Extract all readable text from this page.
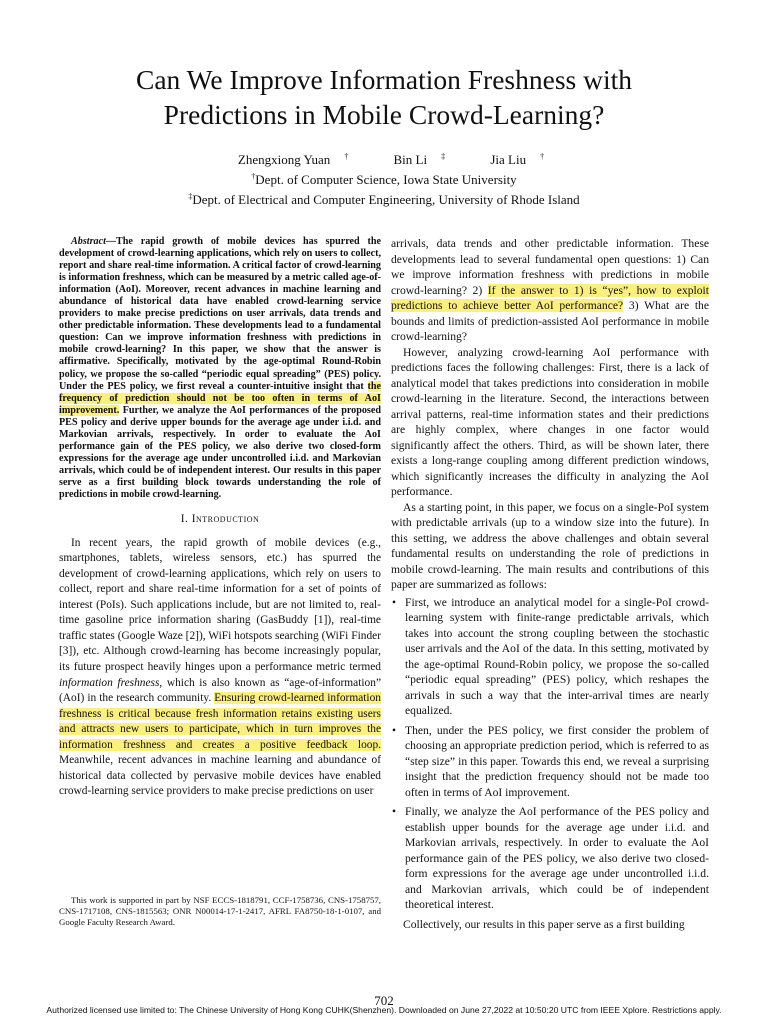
Can We Improve Information Freshness with
Predictions in Mobile Crowd-Learning?
Zhengxiong Yuan †	Bin Li ‡	Jia Liu †
†Dept. of Computer Science, Iowa State University
‡Dept. of Electrical and Computer Engineering, University of Rhode Island

Abstract—The rapid growth of mobile devices has spurred the development of crowd-learning applications, which rely on users to collect, report and share real-time information. A critical factor of crowd-learning is information freshness, which can be measured by a metric called age-of-information (AoI). Moreover, recent advances in machine learning and abundance of historical data have enabled crowd-learning service providers to make precise predictions on user arrivals, data trends and other predictable information. These developments lead to a fundamental question: Can we improve information freshness with predictions in mobile crowd-learning? In this paper, we show that the answer is affirmative. Specifically, motivated by the age-optimal Round-Robin policy, we propose the so-called “periodic equal spreading” (PES) policy. Under the PES policy, we first reveal a counter-intuitive insight that the frequency of prediction should not be too often in terms of AoI improvement. Further, we analyze the AoI performances of the proposed PES policy and derive upper bounds for the average age under i.i.d. and Markovian arrivals, respectively. In order to evaluate the AoI performance gain of the PES policy, we also derive two closed-form expressions for the average age under uncontrolled i.i.d. and Markovian arrivals, which could be of independent interest. Our results in this paper serve as a first building block towards understanding the role of predictions in mobile crowd-learning.

I. Introduction

In recent years, the rapid growth of mobile devices (e.g., smartphones, tablets, wireless sensors, etc.) has spurred the development of crowd-learning applications, which rely on users to collect, report and share real-time information for a set of points of interest (PoIs). Such applications include, but are not limited to, real-time gasoline price information sharing (GasBuddy [1]), real-time traffic states (Google Waze [2]), WiFi hotspots searching (WiFi Finder [3]), etc. Although crowd-learning has become increasingly popular, its future prospect heavily hinges upon a performance metric termed information freshness, which is also known as “age-of-information” (AoI) in the research community. Ensuring crowd-learned information freshness is critical because fresh information retains existing users and attracts new users to participate, which in turn improves the information freshness and creates a positive feedback loop. Meanwhile, recent advances in machine learning and abundance of historical data collected by pervasive mobile devices have enabled crowd-learning service providers to make precise predictions on user

This work is supported in part by NSF ECCS-1818791, CCF-1758736, CNS-1758757, CNS-1717108, CNS-1815563; ONR N00014-17-1-2417, AFRL FA8750-18-1-0107, and Google Faculty Research Award.

arrivals, data trends and other predictable information. These developments lead to several fundamental open questions: 1) Can we improve information freshness with predictions in mobile crowd-learning? 2) If the answer to 1) is “yes”, how to exploit predictions to achieve better AoI performance? 3) What are the bounds and limits of prediction-assisted AoI performance in mobile crowd-learning?

However, analyzing crowd-learning AoI performance with predictions faces the following challenges: First, there is a lack of analytical model that takes predictions into consideration in mobile crowd-learning in the literature. Second, the interactions between arrival patterns, real-time information states and their predictions are highly complex, where changes in one factor would significantly affect the others. Third, as will be shown later, there exists a long-range coupling among different prediction windows, which significantly increases the difficulty in analyzing the AoI performance.

As a starting point, in this paper, we focus on a single-PoI system with predictable arrivals (up to a window size into the future). In this setting, we address the above challenges and obtain several fundamental results on understanding the role of predictions in mobile crowd-learning. The main results and contributions of this paper are summarized as follows:

• First, we introduce an analytical model for a single-PoI crowd-learning system with finite-range predictable arrivals, which takes into account the strong coupling between the stochastic user arrivals and the AoI of the data. In this setting, motivated by the age-optimal Round-Robin policy, we propose the so-called “periodic equal spreading” (PES) policy, which reshapes the arrivals in such a way that the inter-arrival times are nearly equalized.
• Then, under the PES policy, we first consider the problem of choosing an appropriate prediction period, which is referred to as “step size” in this paper. Towards this end, we reveal a surprising insight that the prediction frequency should not be made too often in terms of AoI improvement.
• Finally, we analyze the AoI performance of the PES policy and establish upper bounds for the average age under i.i.d. and Markovian arrivals, respectively. In order to evaluate the AoI performance gain of the PES policy, we also derive two closed-form expressions for the average age under uncontrolled i.i.d. and Markovian arrivals, which could be of independent theoretical interest.

Collectively, our results in this paper serve as a first building

702
Authorized licensed use limited to: The Chinese University of Hong Kong CUHK(Shenzhen). Downloaded on June 27,2022 at 10:50:20 UTC from IEEE Xplore. Restrictions apply.
